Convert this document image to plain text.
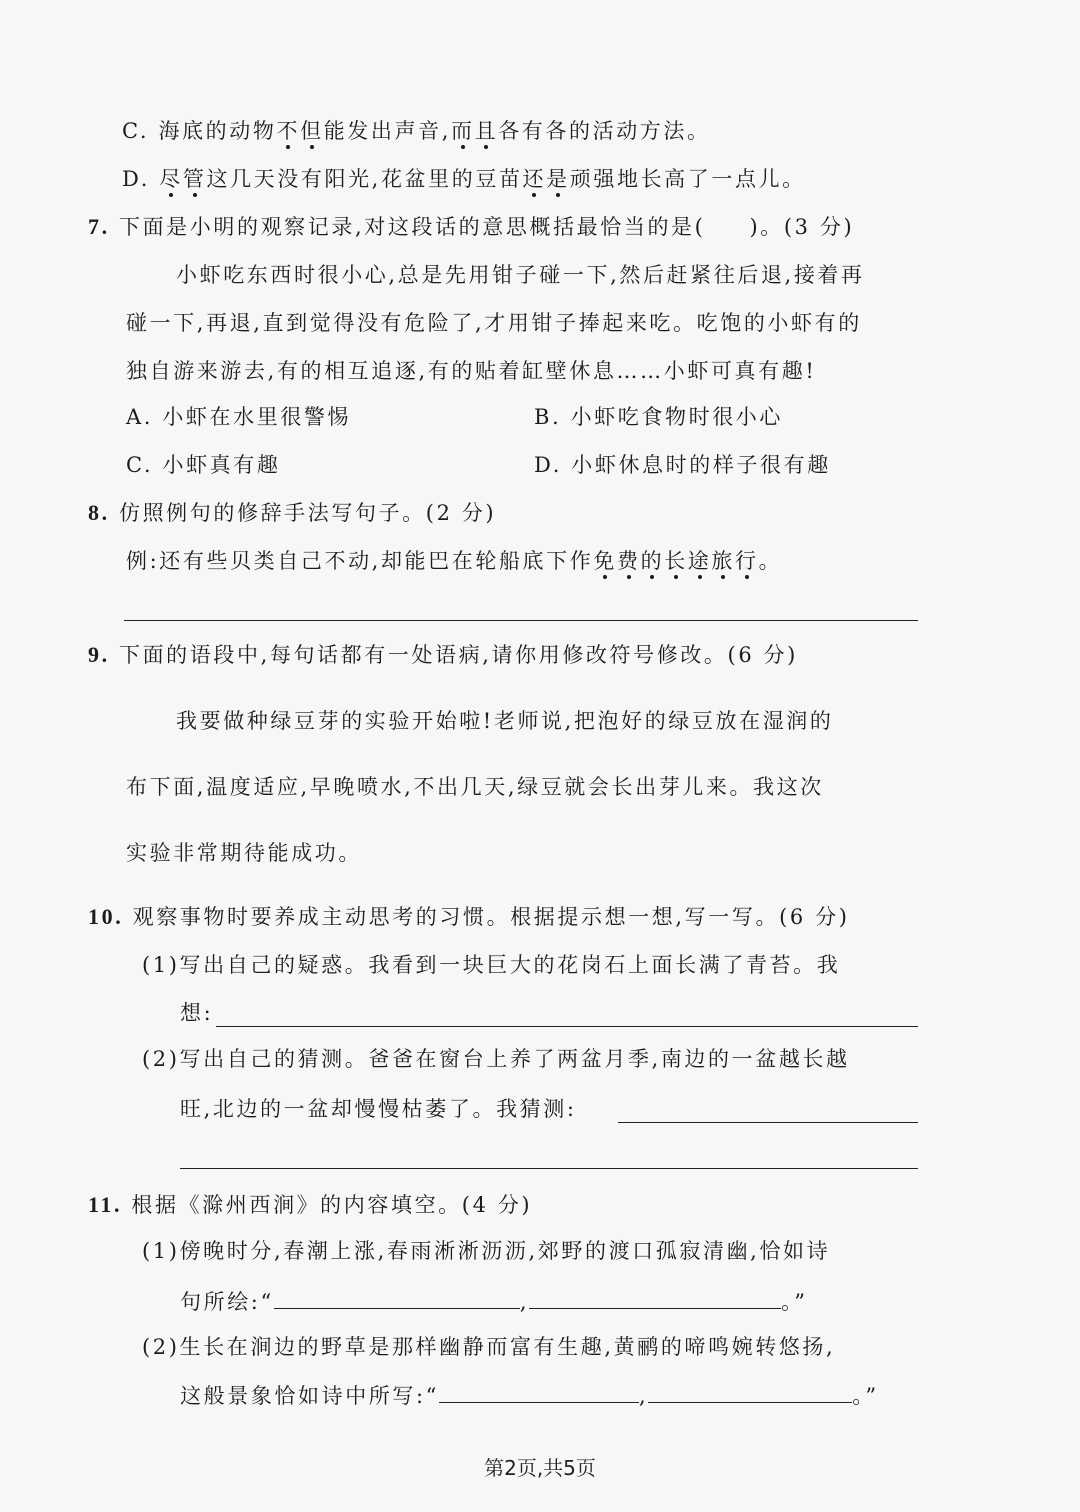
C. 海底的动物不但能发出声音,而且各有各的活动方法。
D. 尽管这几天没有阳光,花盆里的豆苗还是顽强地长高了一点儿。
7. 下面是小明的观察记录,对这段话的意思概括最恰当的是( )。(3 分)
小虾吃东西时很小心,总是先用钳子碰一下,然后赶紧往后退,接着再
碰一下,再退,直到觉得没有危险了,才用钳子捧起来吃。吃饱的小虾有的
独自游来游去,有的相互追逐,有的贴着缸壁休息……小虾可真有趣!
A. 小虾在水里很警惕	B. 小虾吃食物时很小心
C. 小虾真有趣	D. 小虾休息时的样子很有趣
8. 仿照例句的修辞手法写句子。(2 分)
例:还有些贝类自己不动,却能巴在轮船底下作免费的长途旅行。
9. 下面的语段中,每句话都有一处语病,请你用修改符号修改。(6 分)
我要做种绿豆芽的实验开始啦!老师说,把泡好的绿豆放在湿润的
布下面,温度适应,早晚喷水,不出几天,绿豆就会长出芽儿来。我这次
实验非常期待能成功。
10. 观察事物时要养成主动思考的习惯。根据提示想一想,写一写。(6 分)
(1)写出自己的疑惑。我看到一块巨大的花岗石上面长满了青苔。我
想:
(2)写出自己的猜测。爸爸在窗台上养了两盆月季,南边的一盆越长越
旺,北边的一盆却慢慢枯萎了。我猜测:
11. 根据《滁州西涧》的内容填空。(4 分)
(1)傍晚时分,春潮上涨,春雨淅淅沥沥,郊野的渡口孤寂清幽,恰如诗
句所绘:“	,	。”
(2)生长在涧边的野草是那样幽静而富有生趣,黄鹂的啼鸣婉转悠扬,
这般景象恰如诗中所写:“	,	。”
第2页,共5页
